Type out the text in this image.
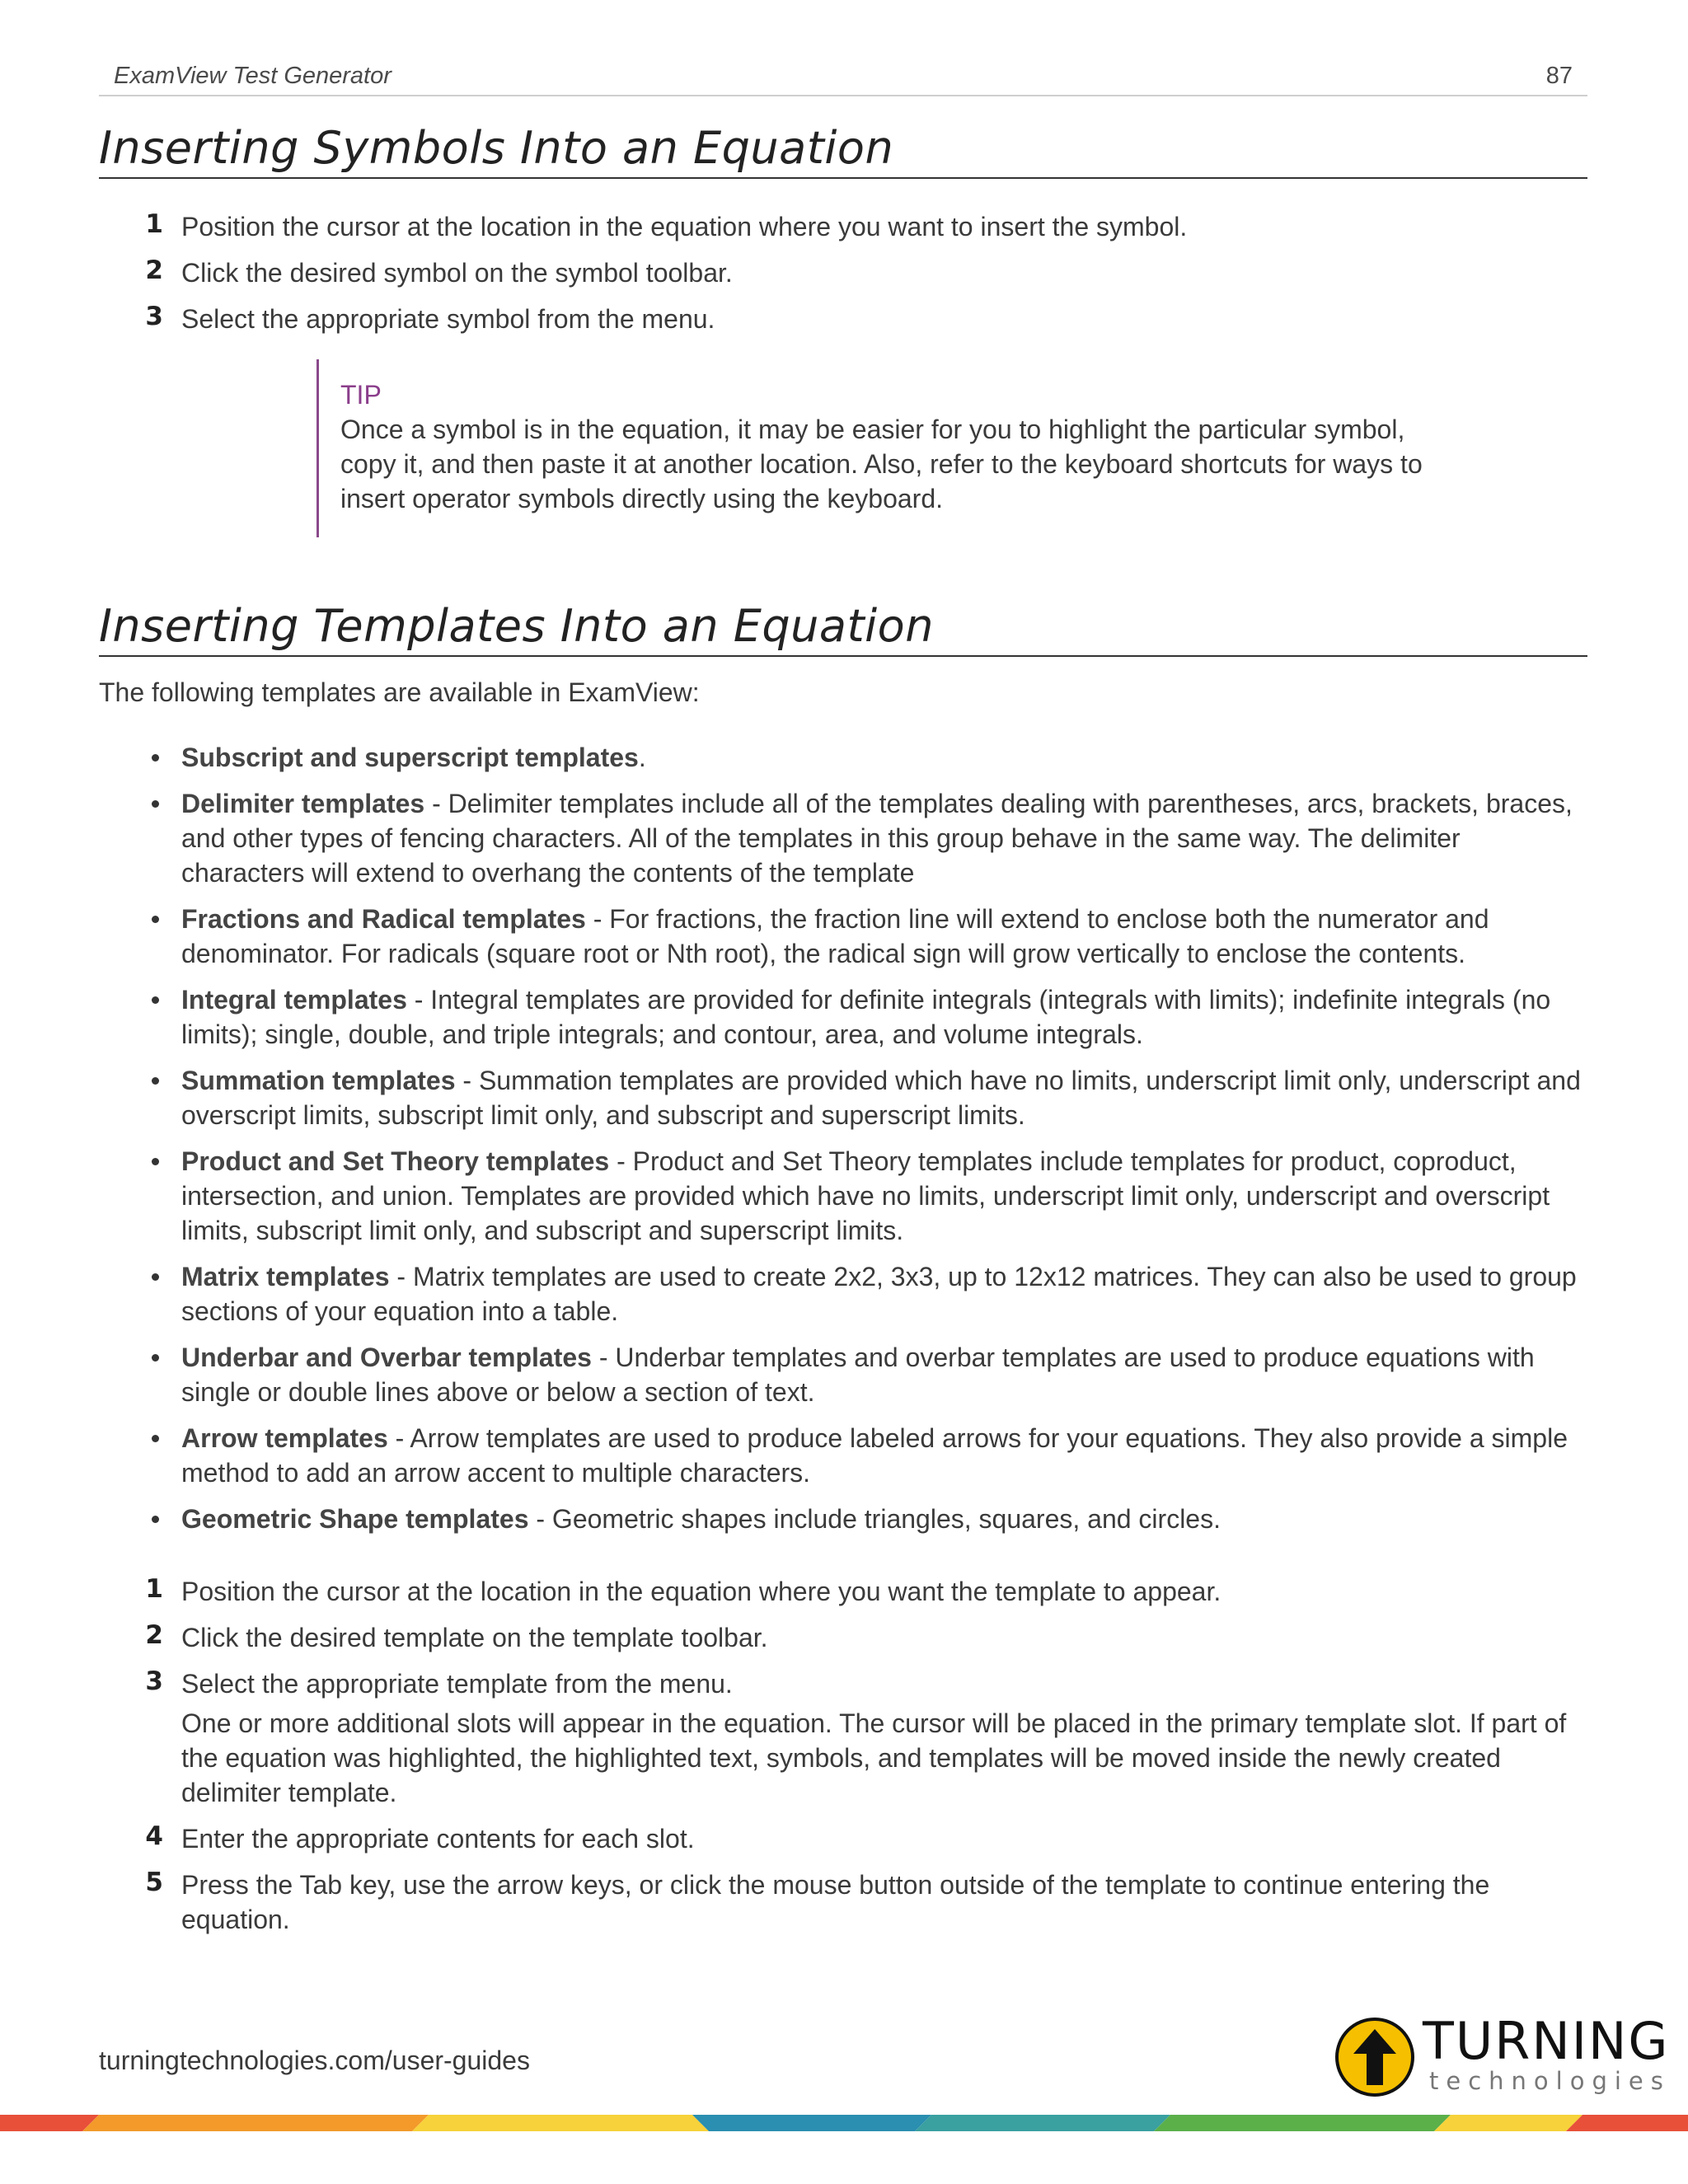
ExamView Test Generator	87
Inserting Symbols Into an Equation
1 Position the cursor at the location in the equation where you want to insert the symbol.
2 Click the desired symbol on the symbol toolbar.
3 Select the appropriate symbol from the menu.
TIP
Once a symbol is in the equation, it may be easier for you to highlight the particular symbol, copy it, and then paste it at another location. Also, refer to the keyboard shortcuts for ways to insert operator symbols directly using the keyboard.
Inserting Templates Into an Equation

The following templates are available in ExamView:

Subscript and superscript templates.
Delimiter templates - Delimiter templates include all of the templates dealing with parentheses, arcs, brackets, braces, and other types of fencing characters. All of the templates in this group behave in the same way. The delimiter characters will extend to overhang the contents of the template
Fractions and Radical templates - For fractions, the fraction line will extend to enclose both the numerator and denominator. For radicals (square root or Nth root), the radical sign will grow vertically to enclose the contents.
Integral templates - Integral templates are provided for definite integrals (integrals with limits); indefinite integrals (no limits); single, double, and triple integrals; and contour, area, and volume integrals.
Summation templates - Summation templates are provided which have no limits, underscript limit only, underscript and overscript limits, subscript limit only, and subscript and superscript limits.
Product and Set Theory templates - Product and Set Theory templates include templates for product, coproduct, intersection, and union. Templates are provided which have no limits, underscript limit only, underscript and overscript limits, subscript limit only, and subscript and superscript limits.
Matrix templates - Matrix templates are used to create 2x2, 3x3, up to 12x12 matrices. They can also be used to group sections of your equation into a table.
Underbar and Overbar templates - Underbar templates and overbar templates are used to produce equations with single or double lines above or below a section of text.
Arrow templates - Arrow templates are used to produce labeled arrows for your equations. They also provide a simple method to add an arrow accent to multiple characters.
Geometric Shape templates - Geometric shapes include triangles, squares, and circles.
1 Position the cursor at the location in the equation where you want the template to appear.
2 Click the desired template on the template toolbar.
3 Select the appropriate template from the menu.
One or more additional slots will appear in the equation. The cursor will be placed in the primary template slot. If part of the equation was highlighted, the highlighted text, symbols, and templates will be moved inside the newly created delimiter template.
4 Enter the appropriate contents for each slot.
5 Press the Tab key, use the arrow keys, or click the mouse button outside of the template to continue entering the equation.
turningtechnologies.com/user-guides	TURNING
technologies
